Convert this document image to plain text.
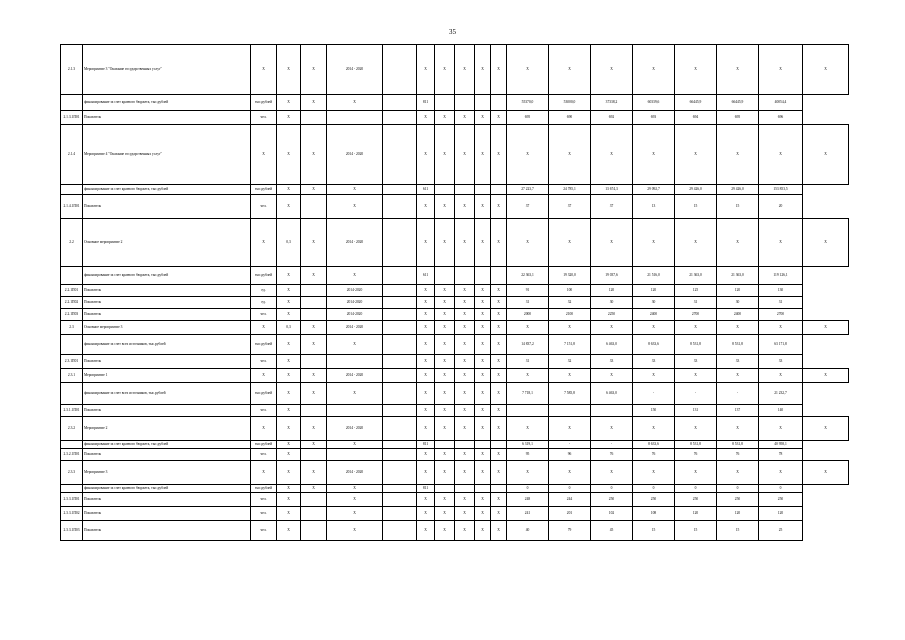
35
2.1.3	Мероприятие 3 "Оказание государственных услуг"	X	X	X	2014 - 2020		X	X	X	X	X	X	X	X	X	X	X	X	X
	финансирование за счет краевого бюджета, тыс.рублей	тыс.рублей	X	X	X		811					55370,0	53000,0	37338,2	60339,6	66445,9	66445,9	40054,4	
2.1.3.1П01	Показатель	чел.	X				X	X	X	X	X	695	690	692	693	694	695	696	
2.1.4	Мероприятие 4 "Оказание государственных услуг"	X	X	X	2014 - 2020		X	X	X	X	X	X	X	X	X	X	X	X	X
	финансирование за счет краевого бюджета, тыс.рублей	тыс.рублей	X	X	X		611					27 223,7	24 785,1	13 674,3	29 092,7	29 426,0	29 426,0	153 853,5	
2.1.4.1П01	Показатель	чел.	X		X		X	X	X	X	X	37	37	37	13	15	15	20	
2.2	Основное мероприятие 2	X	0,3	X	2014 - 2020		X	X	X	X	X	X	X	X	X	X	X	X	X
	финансирование за счет краевого бюджета, тыс.рублей	тыс.рублей	X	X	X		611					22 363,1	19 320,0	19 037,6	21 516,0	21 363,0	21 363,0	119 126,1	
2.2.1П01	Показатель	ед.	X		2014-2020		X	X	X	X	X	91	100	120	120	125	120	130	
2.2.1П02	Показатель	ед.	X		2014-2020		X	X	X	X	X	31	32	30	30	31	30	31	
2.2.1П03	Показатель	чел.	X		2014-2020		X	X	X	X	X	2000	2100	2250	2400	2700	2400	2700	
2.3	Основное мероприятие 3	X	0,3	X	2014 - 2020		X	X	X	X	X	X	X	X	X	X	X	X	X
	финансирование за счет всех источников, тыс.рублей	тыс.рублей	X	X	X		X	X	X	X	X	14 837,2	7 151,8	6 463,0	8 633,6	8 531,8	8 531,8	63 171,8	
2.3.1П01	Показатель	чел.	X				X	X	X	X	X	31	32	33	33	33	33	33	
2.3.1	Мероприятие 1	X	X	X	2014 - 2020		X	X	X	X	X	X	X	X	X	X	X	X	X
	финансирование за счет всех источников, тыс.рублей	тыс.рублей	X	X	X		X	X	X	X	X	7 718,1	7 585,8	6 463,0	-	-	-	21 232,7	
2.3.1.1П01	Показатель	чел.	X				X	X	X	X	X				150	131	137	140	
2.3.2	Мероприятие 2	X	X	X	2014 - 2020		X	X	X	X	X	X	X	X	X	X	X	X	X
	финансирование за счет краевого бюджета, тыс.рублей	тыс.рублей	X	X	X		811					6 319,1	-	-	8 633,6	8 531,8	8 531,8	40 958,1	
2.3.2.1П01	Показатель	чел.	X				X	X	X	X	X	95	96	76	76	76	76	78	
2.3.3	Мероприятие 3	X	X	X	2014 - 2020		X	X	X	X	X	X	X	X	X	X	X	X	X
	финансирование за счет краевого бюджета, тыс.рублей	тыс.рублей	X	X	X		811					0	0	0	0	0	0	0	
2.3.3.1П01	Показатель	чел.	X		X		X	X	X	X	X	248	244	250	250	250	250	250	
2.3.3.1П02	Показатель	чел.	X		X		X	X	X	X	X	241	201	102	108	120	120	120	
2.3.3.1П03	Показатель	чел.	X		X		X	X	X	X	X	40	79	45	15	15	15	25	
